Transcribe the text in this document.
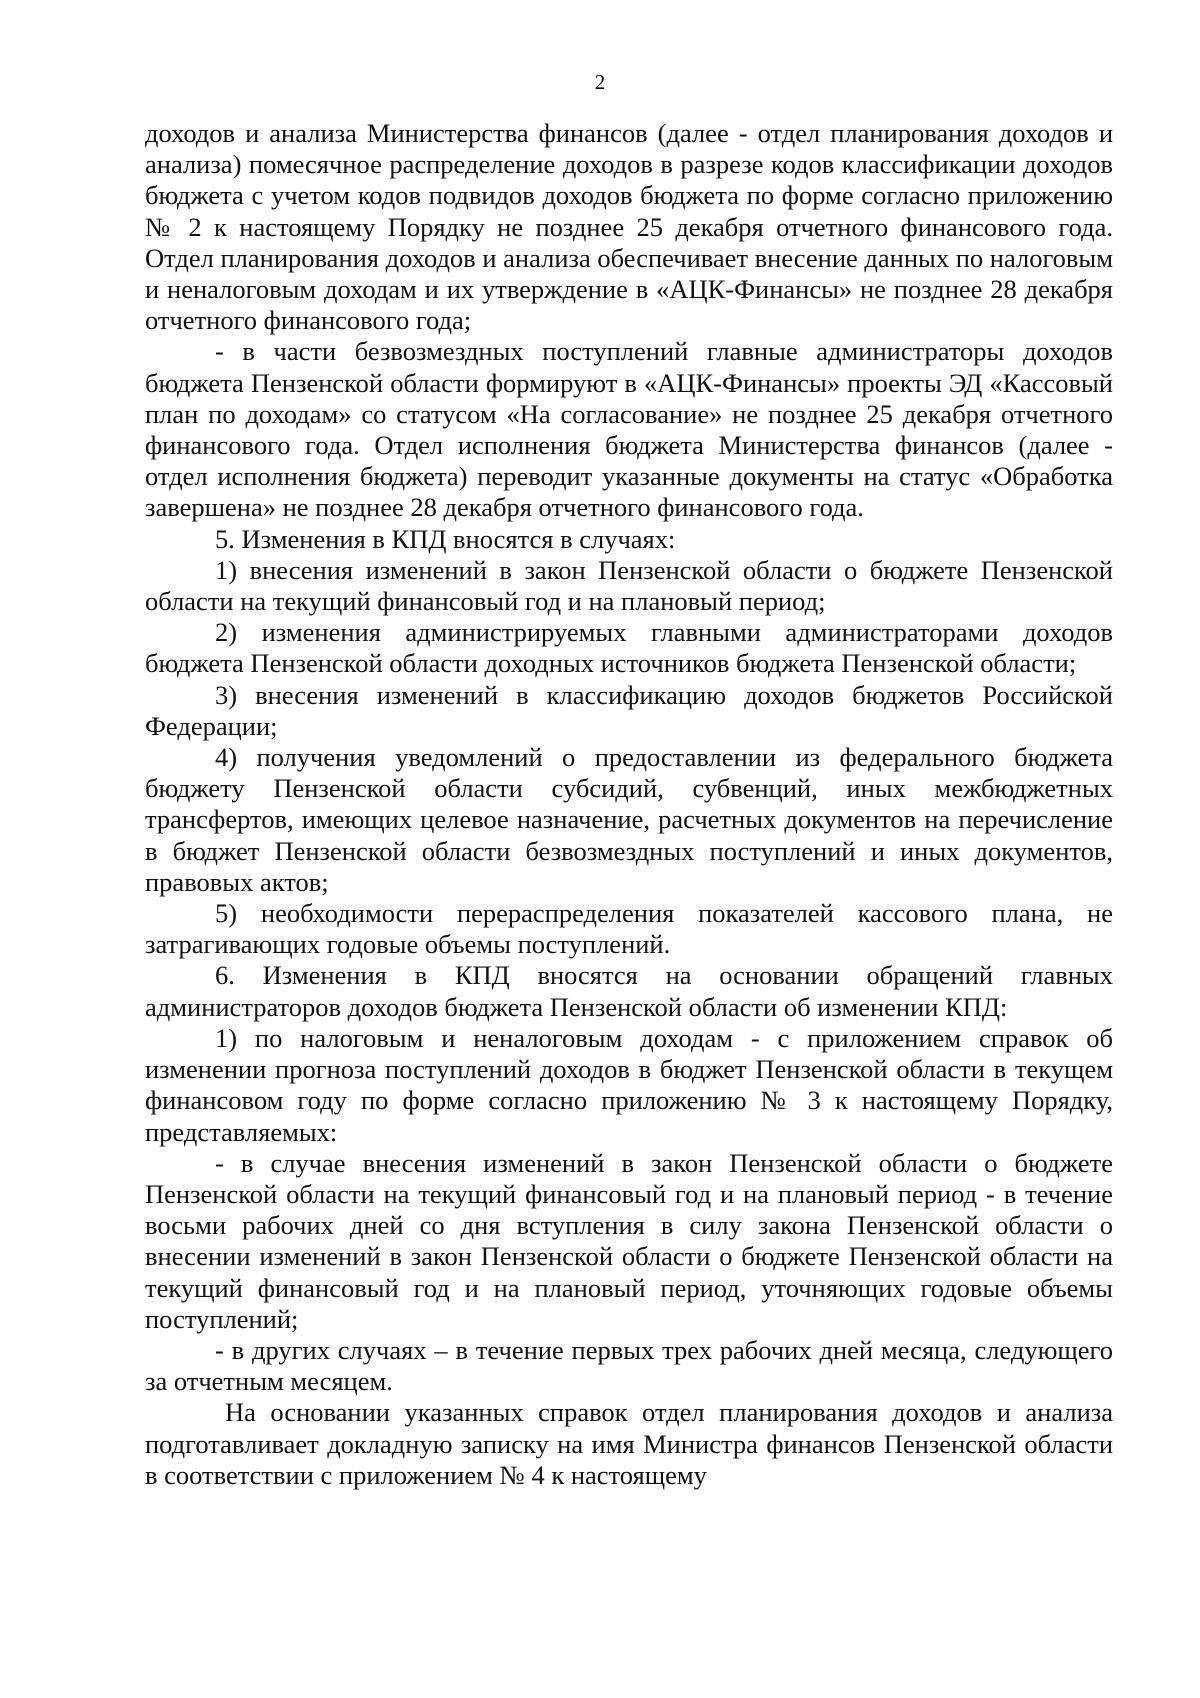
2

доходов и анализа Министерства финансов (далее - отдел планирования доходов и анализа) помесячное распределение доходов в разрезе кодов классификации доходов бюджета с учетом кодов подвидов доходов бюджета по форме согласно приложению № 2 к настоящему Порядку не позднее 25 декабря отчетного финансового года. Отдел планирования доходов и анализа обеспечивает внесение данных по налоговым и неналоговым доходам и их утверждение в «АЦК-Финансы» не позднее 28 декабря отчетного финансового года;

- в части безвозмездных поступлений главные администраторы доходов бюджета Пензенской области формируют в «АЦК-Финансы» проекты ЭД «Кассовый план по доходам» со статусом «На согласование» не позднее 25 декабря отчетного финансового года. Отдел исполнения бюджета Министерства финансов (далее - отдел исполнения бюджета) переводит указанные документы на статус «Обработка завершена» не позднее 28 декабря отчетного финансового года.

5. Изменения в КПД вносятся в случаях:

1) внесения изменений в закон Пензенской области о бюджете Пензенской области на текущий финансовый год и на плановый период;

2) изменения администрируемых главными администраторами доходов бюджета Пензенской области доходных источников бюджета Пензенской области;

3) внесения изменений в классификацию доходов бюджетов Российской Федерации;

4) получения уведомлений о предоставлении из федерального бюджета бюджету Пензенской области субсидий, субвенций, иных межбюджетных трансфертов, имеющих целевое назначение, расчетных документов на перечисление в бюджет Пензенской области безвозмездных поступлений и иных документов, правовых актов;

5) необходимости перераспределения показателей кассового плана, не затрагивающих годовые объемы поступлений.

6. Изменения в КПД вносятся на основании обращений главных администраторов доходов бюджета Пензенской области об изменении КПД:

1) по налоговым и неналоговым доходам - с приложением справок об изменении прогноза поступлений доходов в бюджет Пензенской области в текущем финансовом году по форме согласно приложению № 3 к настоящему Порядку, представляемых:

- в случае внесения изменений в закон Пензенской области о бюджете Пензенской области на текущий финансовый год и на плановый период - в течение восьми рабочих дней со дня вступления в силу закона Пензенской области о внесении изменений в закон Пензенской области о бюджете Пензенской области на текущий финансовый год и на плановый период, уточняющих годовые объемы поступлений;

- в других случаях – в течение первых трех рабочих дней месяца, следующего за отчетным месяцем.

На основании указанных справок отдел планирования доходов и анализа подготавливает докладную записку на имя Министра финансов Пензенской области в соответствии с приложением № 4 к настоящему
